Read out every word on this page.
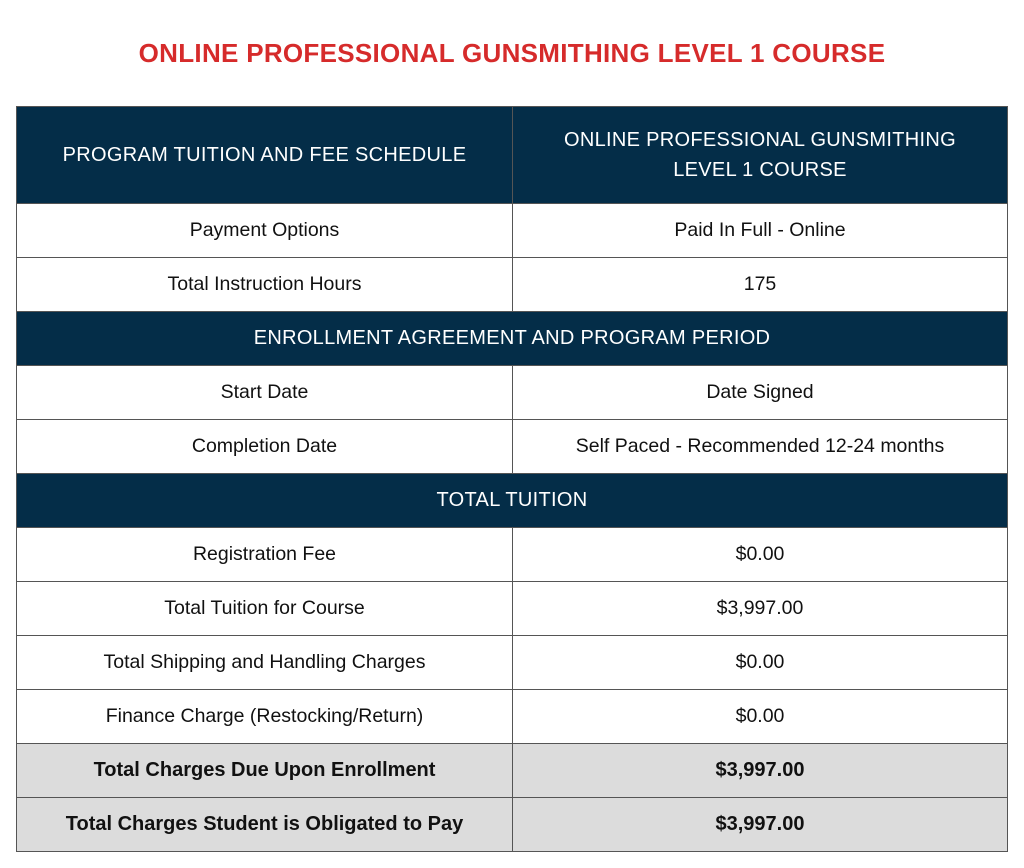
ONLINE PROFESSIONAL GUNSMITHING LEVEL 1 COURSE
PROGRAM TUITION AND FEE SCHEDULE	ONLINE PROFESSIONAL GUNSMITHING
LEVEL 1 COURSE
Payment Options	Paid In Full - Online
Total Instruction Hours	175
ENROLLMENT AGREEMENT AND PROGRAM PERIOD	
Start Date	Date Signed
Completion Date	Self Paced - Recommended 12-24 months
TOTAL TUITION	
Registration Fee	$0.00
Total Tuition for Course	$3,997.00
Total Shipping and Handling Charges	$0.00
Finance Charge (Restocking/Return)	$0.00
Total Charges Due Upon Enrollment	$3,997.00
Total Charges Student is Obligated to Pay	$3,997.00
